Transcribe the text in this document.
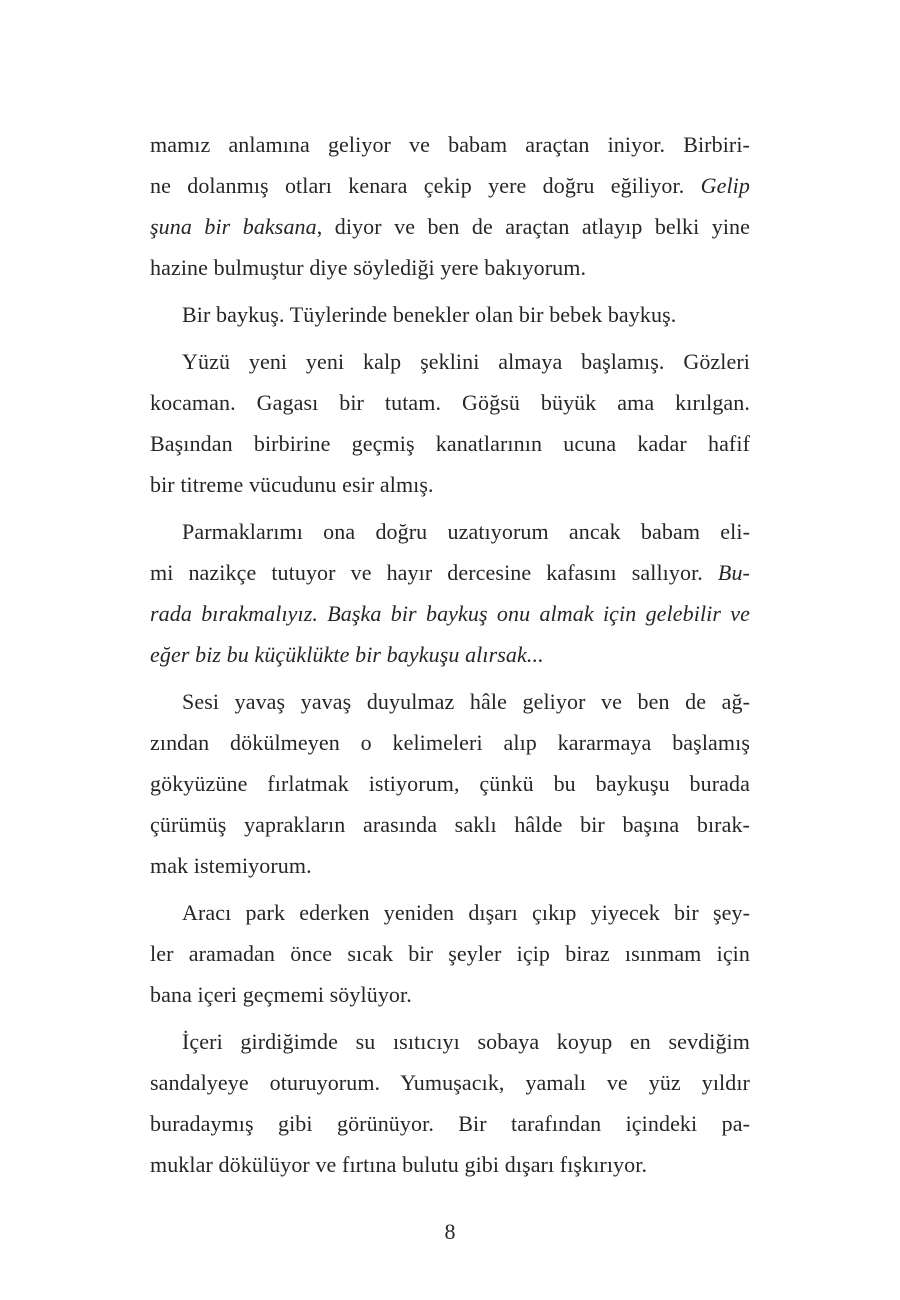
mamız anlamına geliyor ve babam araçtan iniyor. Birbiri-
ne dolanmış otları kenara çekip yere doğru eğiliyor. Gelip
şuna bir baksana, diyor ve ben de araçtan atlayıp belki yine
hazine bulmuştur diye söylediği yere bakıyorum.
Bir baykuş. Tüylerinde benekler olan bir bebek baykuş.
Yüzü yeni yeni kalp şeklini almaya başlamış. Gözleri
kocaman. Gagası bir tutam. Göğsü büyük ama kırılgan.
Başından birbirine geçmiş kanatlarının ucuna kadar hafif
bir titreme vücudunu esir almış.
Parmaklarımı ona doğru uzatıyorum ancak babam eli-
mi nazikçe tutuyor ve hayır dercesine kafasını sallıyor. Bu-
rada bırakmalıyız. Başka bir baykuş onu almak için gelebilir ve
eğer biz bu küçüklükte bir baykuşu alırsak...
Sesi yavaş yavaş duyulmaz hâle geliyor ve ben de ağ-
zından dökülmeyen o kelimeleri alıp kararmaya başlamış
gökyüzüne fırlatmak istiyorum, çünkü bu baykuşu burada
çürümüş yaprakların arasında saklı hâlde bir başına bırak-
mak istemiyorum.
Aracı park ederken yeniden dışarı çıkıp yiyecek bir şey-
ler aramadan önce sıcak bir şeyler içip biraz ısınmam için
bana içeri geçmemi söylüyor.
İçeri girdiğimde su ısıtıcıyı sobaya koyup en sevdiğim
sandalyeye oturuyorum. Yumuşacık, yamalı ve yüz yıldır
buradaymış gibi görünüyor. Bir tarafından içindeki pa-
muklar dökülüyor ve fırtına bulutu gibi dışarı fışkırıyor.
8
